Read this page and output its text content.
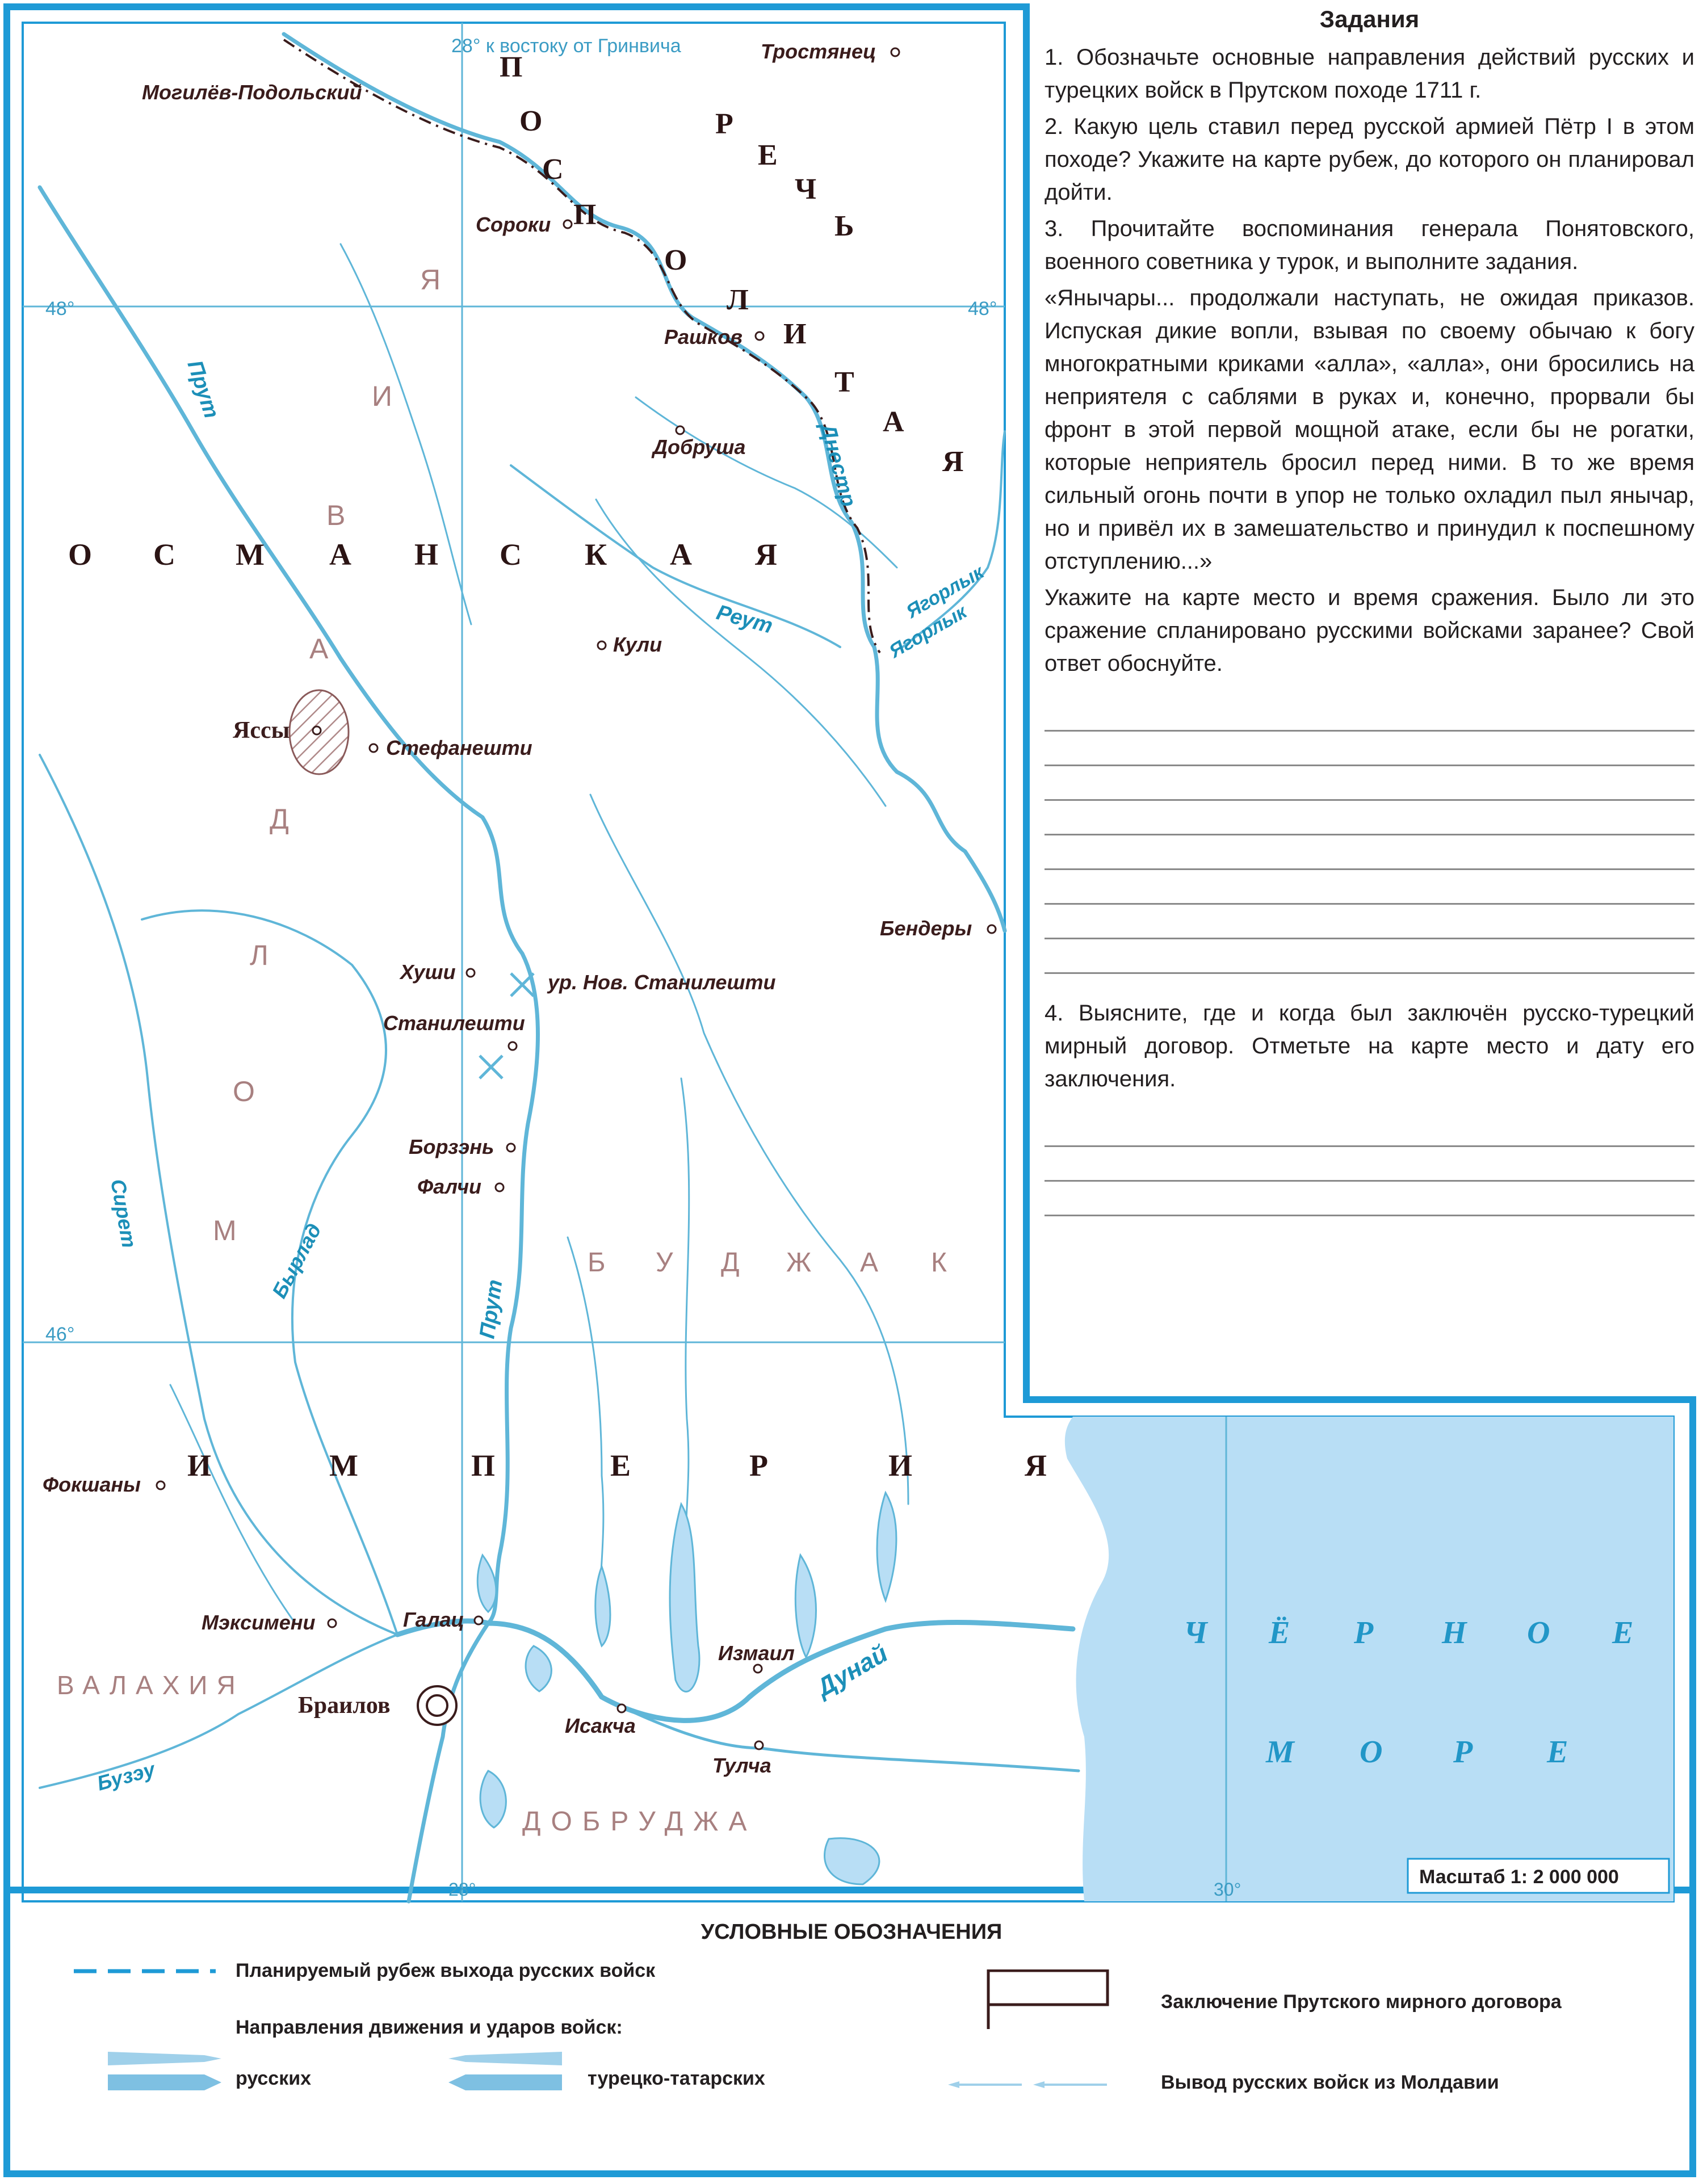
Могилёв-Подольский
Тростянец
Сороки
Рашков
Добруша
Кули
Яссы
Стефанешти
Бендеры
Хуши
Станилешти
ур. Нов. Станилешти
Борзэнь
Фалчи
Фокшаны
Мэксимени	Галац
Браилов
Измаил
Исакча
Тулча
Р
Е
Ч
Ь
П
О
С
П
О
Л
И
Т
А
Я
О С М А Н С К А Я
И	М	П	Е	Р	И	Я
М
О
Л
Д
А
В
И
Я
Б У Д Ж А К
ВАЛАХИЯ
ДОБРУДЖА
Прут
Прут
Днестр
Реут	Ягорлык
Ягорлык
Сирет
Бырлад
Бузэу
Дунай
Ч Ё Р Н О Е
М О Р Е
28° к востоку от Гринвича
48°	48°
46°
28°	30°
Масштаб 1: 2 000 000
Задания

1. Обозначьте основные направления действий русских и турецких войск в Прутском походе 1711 г.

2. Какую цель ставил перед русской армией Пётр I в этом походе? Укажите на карте рубеж, до которого он планировал дойти.

3. Прочитайте воспоминания генерала Понятовского, военного советника у турок, и выполните задания.

«Янычары... продолжали наступать, не ожидая приказов. Испуская дикие вопли, взывая по своему обычаю к богу многократными криками «алла», «алла», они бросились на неприятеля с саблями в руках и, конечно, прорвали бы фронт в этой первой мощной атаке, если бы не рогатки, которые неприятель бросил перед ними. В то же время сильный огонь почти в упор не только охладил пыл янычар, но и привёл их в замешательство и принудил к поспешному отступлению...»

Укажите на карте место и время сражения. Было ли это сражение спланировано русскими войсками заранее? Свой ответ обоснуйте.

4. Выясните, где и когда был заключён русско-турецкий мирный договор. Отметьте на карте место и дату его заключения.

УСЛОВНЫЕ ОБОЗНАЧЕНИЯ
Планируемый рубеж выхода русских войск
Направления движения и ударов войск:
русских	турецко-татарских
Заключение Прутского мирного договора
Вывод русских войск из Молдавии
